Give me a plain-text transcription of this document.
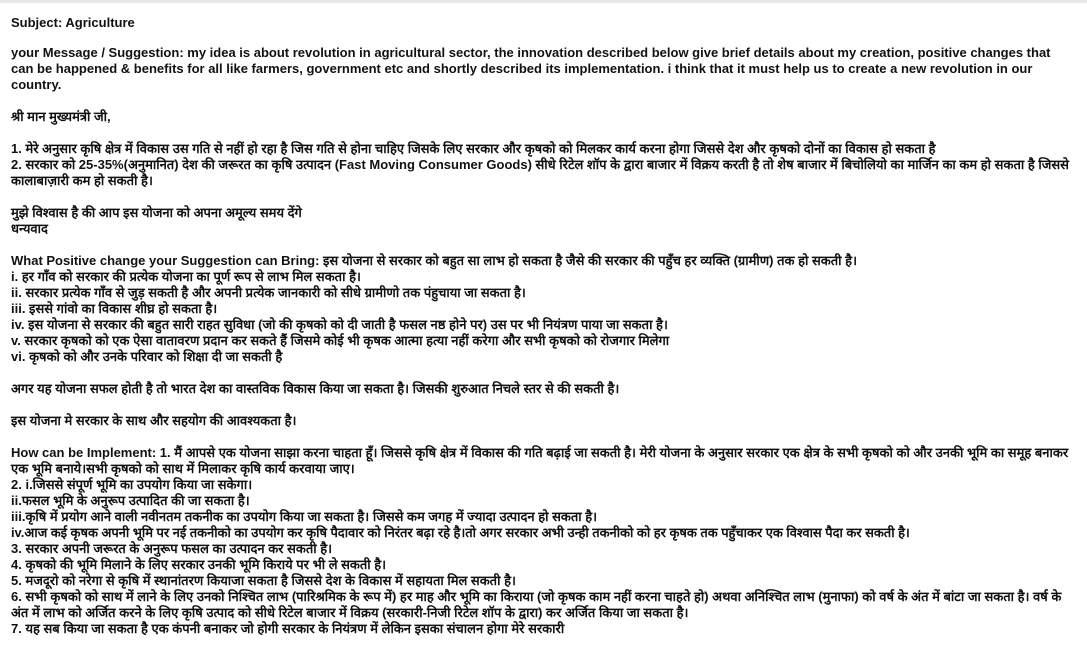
Subject: Agriculture

your Message / Suggestion: my idea is about revolution in agricultural sector, the innovation described below give brief details about my creation, positive changes that can be happened & benefits for all like farmers, government etc and shortly described its implementation. i think that it must help us to create a new revolution in our country.

श्री मान मुख्यमंत्री जी,

1. मेरे अनुसार कृषि क्षेत्र में विकास उस गति से नहीं हो रहा है जिस गति से होना चाहिए जिसके लिए सरकार और कृषको को मिलकर कार्य करना होगा जिससे देश और कृषको दोनों का विकास हो सकता है

2. सरकार को 25-35%(अनुमानित) देश की जरूरत का कृषि उत्पादन (Fast Moving Consumer Goods) सीधे रिटेल शॉप के द्वारा बाजार में विक्रय करती है तो शेष बाजार में बिचोलियो का मार्जिन का कम हो सकता है जिससे कालाबाज़ारी कम हो सकती है।

मुझे विश्वास है की आप इस योजना को अपना अमूल्य समय देंगे

धन्यवाद

What Positive change your Suggestion can Bring: इस योजना से सरकार को बहुत सा लाभ हो सकता है जैसे की सरकार की पहुँच हर व्यक्ति (ग्रामीण) तक हो सकती है।

i. हर गाँव को सरकार की प्रत्येक योजना का पूर्ण रूप से लाभ मिल सकता है।

ii. सरकार प्रत्येक गाँव से जुड़ सकती है और अपनी प्रत्येक जानकारी को सीधे ग्रामीणो तक पंहुचाया जा सकता है।

iii. इससे गांवो का विकास शीघ्र हो सकता है।

iv. इस योजना से सरकार की बहुत सारी राहत सुविधा (जो की कृषको को दी जाती है फसल नष्ठ होने पर) उस पर भी नियंत्रण पाया जा सकता है।

v. सरकार कृषको को एक ऐसा वातावरण प्रदान कर सकते हैं जिसमे कोई भी कृषक आत्मा हत्या नहीं करेगा और सभी कृषको को रोजगार मिलेगा

vi. कृषको को और उनके परिवार को शिक्षा दी जा सकती है

अगर यह योजना सफल होती है तो भारत देश का वास्तविक विकास किया जा सकता है। जिसकी शुरुआत निचले स्तर से की सकती है।

इस योजना मे सरकार के साथ और सहयोग की आवश्यकता है।

How can be Implement: 1. मैं आपसे एक योजना साझा करना चाहता हूँ। जिससे कृषि क्षेत्र में विकास की गति बढ़ाई जा सकती है। मेरी योजना के अनुसार सरकार एक क्षेत्र के सभी कृषको को और उनकी भूमि का समूह बनाकर एक भूमि बनाये।सभी कृषको को साथ में मिलाकर कृषि कार्य करवाया जाए।

2. i.जिससे संपूर्ण भूमि का उपयोग किया जा सकेगा।

ii.फसल भूमि के अनुरूप उत्पादित की जा सकता है।

iii.कृषि में प्रयोग आने वाली नवीनतम तकनीक का उपयोग किया जा सकता है। जिससे कम जगह में ज्यादा उत्पादन हो सकता है।

iv.आज कई कृषक अपनी भूमि पर नई तकनीको का उपयोग कर कृषि पैदावार को निरंतर बढ़ा रहे है।तो अगर सरकार अभी उन्ही तकनीको को हर कृषक तक पहुँचाकर एक विश्वास पैदा कर सकती है।

3. सरकार अपनी जरूरत के अनुरूप फसल का उत्पादन कर सकती है।

4. कृषको की भूमि मिलाने के लिए सरकार उनकी भूमि किराये पर भी ले सकती है।

5. मजदूरो को नरेगा से कृषि में स्थानांतरण कियाजा सकता है जिससे देश के विकास में सहायता मिल सकती है।

6. सभी कृषको को साथ में लाने के लिए उनको निश्चित लाभ (पारिश्रमिक के रूप में) हर माह और भूमि का किराया (जो कृषक काम नहीं करना चाहते हो) अथवा अनिश्चित लाभ (मुनाफा) को वर्ष के अंत में बांटा जा सकता है। वर्ष के अंत में लाभ को अर्जित करने के लिए कृषि उत्पाद को सीधे रिटेल बाजार में विक्रय (सरकारी-निजी रिटेल शॉप के द्वारा) कर अर्जित किया जा सकता है।

7. यह सब किया जा सकता है एक कंपनी बनाकर जो होगी सरकार के नियंत्रण में लेकिन इसका संचालन होगा मेरे सरकारी
